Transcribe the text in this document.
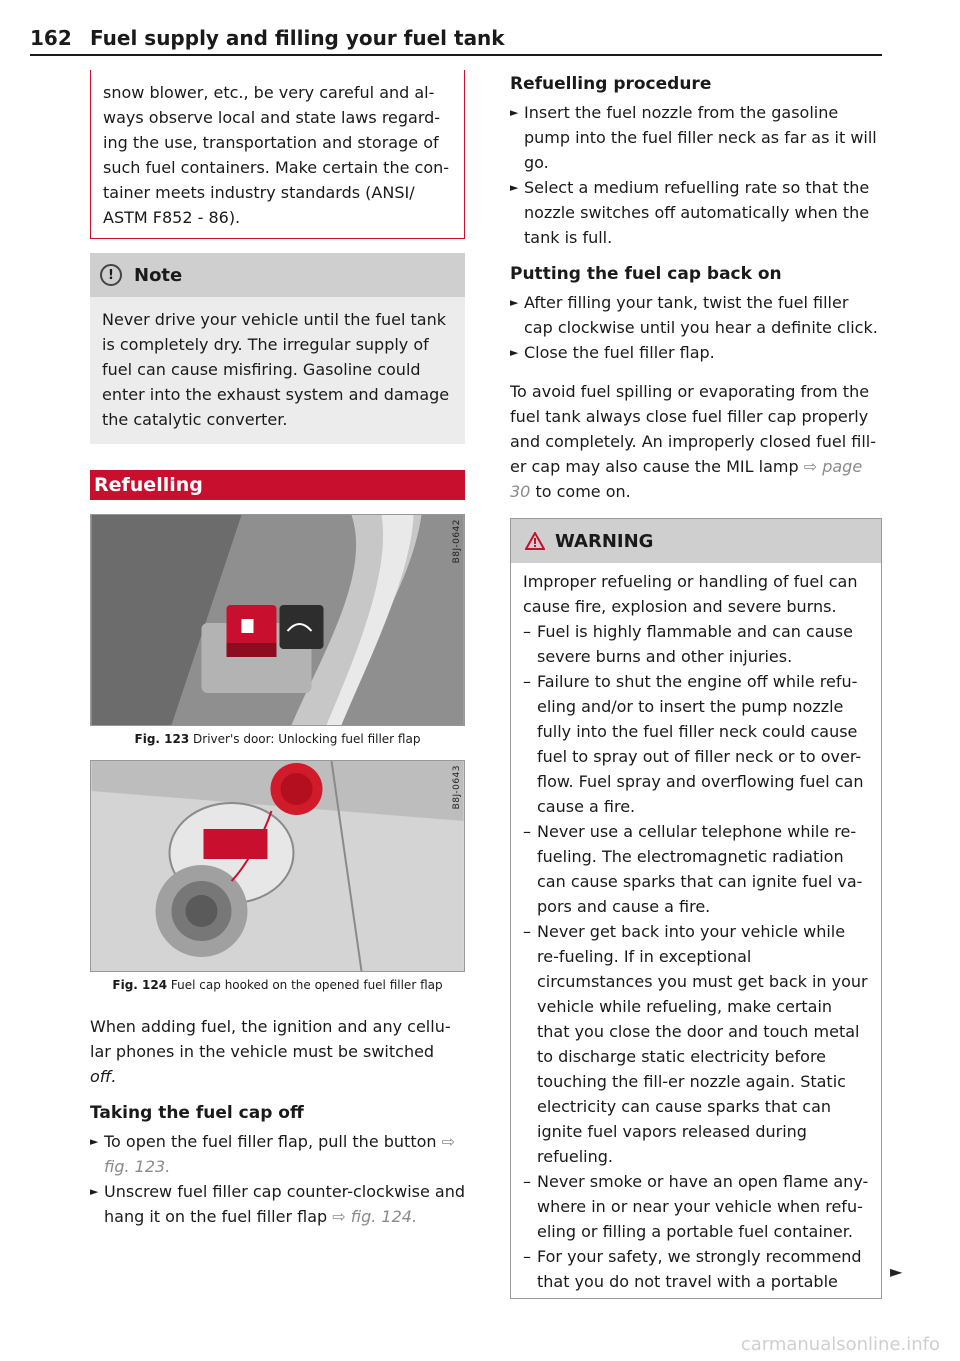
162 Fuel supply and filling your fuel tank

snow blower, etc., be very careful and al-ways observe local and state laws regard-ing the use, transportation and storage of such fuel containers. Make certain the con-tainer meets industry standards (ANSI/ ASTM F852 - 86).

!	Note

Never drive your vehicle until the fuel tank is completely dry. The irregular supply of fuel can cause misfiring. Gasoline could enter into the exhaust system and damage the catalytic converter.

Refuelling
B8J-0642
Fig. 123 Driver's door: Unlocking fuel filler flap
B8J-0643
Fig. 124 Fuel cap hooked on the opened fuel filler flap

When adding fuel, the ignition and any cellu-lar phones in the vehicle must be switched off.

Taking the fuel cap off
► To open the fuel filler flap, pull the button ⇨ fig. 123.
► Unscrew fuel filler cap counter-clockwise and hang it on the fuel filler flap ⇨ fig. 124.
Refuelling procedure
► Insert the fuel nozzle from the gasoline pump into the fuel filler neck as far as it will go.
► Select a medium refuelling rate so that the nozzle switches off automatically when the tank is full.
Putting the fuel cap back on
► After filling your tank, twist the fuel filler cap clockwise until you hear a definite click.
► Close the fuel filler flap.

To avoid fuel spilling or evaporating from the fuel tank always close fuel filler cap properly and completely. An improperly closed fuel fill-er cap may also cause the MIL lamp ⇨ page 30 to come on.

WARNING

Improper refueling or handling of fuel can cause fire, explosion and severe burns.

– Fuel is highly flammable and can cause severe burns and other injuries.
– Failure to shut the engine off while refu-eling and/or to insert the pump nozzle fully into the fuel filler neck could cause fuel to spray out of filler neck or to over-flow. Fuel spray and overflowing fuel can cause a fire.
– Never use a cellular telephone while re-fueling. The electromagnetic radiation can cause sparks that can ignite fuel va-pors and cause a fire.
– Never get back into your vehicle while re-fueling. If in exceptional circumstances you must get back in your vehicle while refueling, make certain that you close the door and touch metal to discharge static electricity before touching the fill-er nozzle again. Static electricity can cause sparks that can ignite fuel vapors released during refueling.
– Never smoke or have an open flame any-where in or near your vehicle when refu-eling or filling a portable fuel container.
– For your safety, we strongly recommend that you do not travel with a portable
►
carmanualsonline.info
